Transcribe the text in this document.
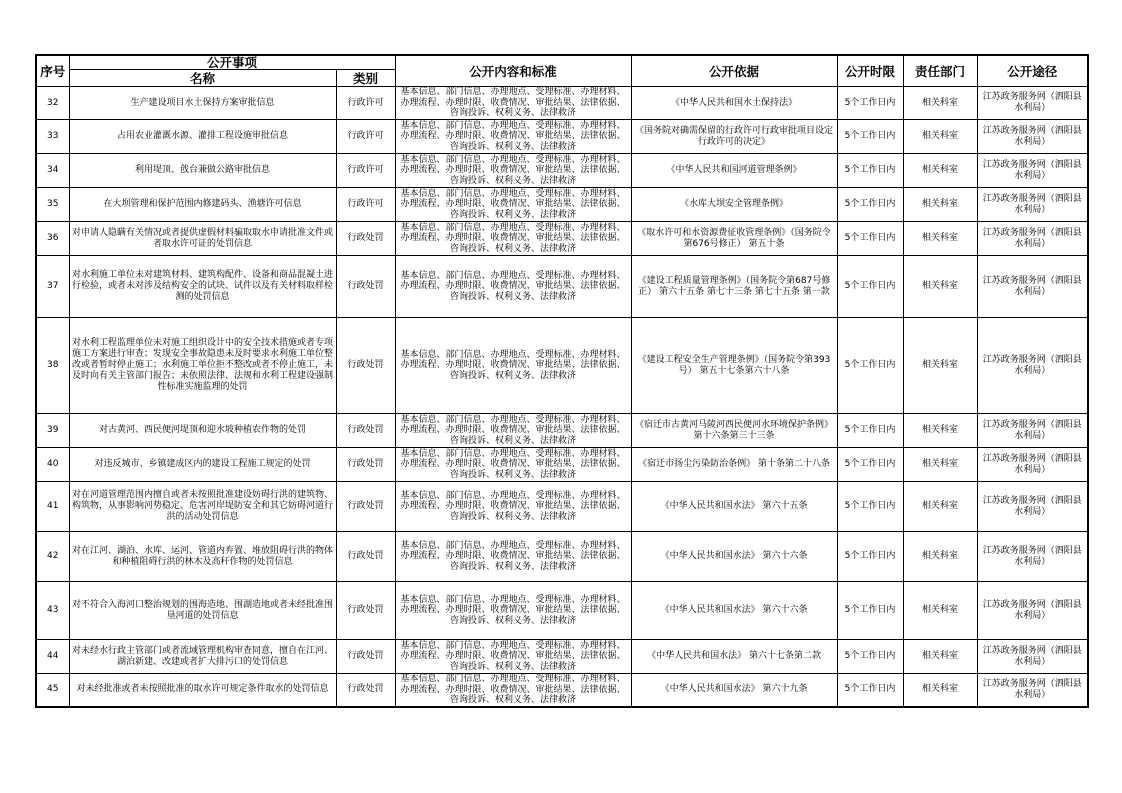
序号	公开事项		公开内容和标准	公开依据	公开时限	责任部门	公开途径
	名称	类别					
32	生产建设项目水土保持方案审批信息	行政许可	基本信息、部门信息、办理地点、受理标准、办理材料、办理流程、办理时限、收费情况、审批结果、法律依据、咨询投诉、权利义务、法律救济	《中华人民共和国水土保持法》	5个工作日内	相关科室	江苏政务服务网（泗阳县水利局）
33	占用农业灌溉水源、灌排工程设施审批信息	行政许可	基本信息、部门信息、办理地点、受理标准、办理材料、办理流程、办理时限、收费情况、审批结果、法律依据、咨询投诉、权利义务、法律救济	《国务院对确需保留的行政许可行政审批项目设定行政许可的决定》	5个工作日内	相关科室	江苏政务服务网（泗阳县水利局）
34	利用堤顶、戗台兼做公路审批信息	行政许可	基本信息、部门信息、办理地点、受理标准、办理材料、办理流程、办理时限、收费情况、审批结果、法律依据、咨询投诉、权利义务、法律救济	《中华人民共和国河道管理条例》	5个工作日内	相关科室	江苏政务服务网（泗阳县水利局）
35	在大坝管理和保护范围内修建码头、渔塘许可信息	行政许可	基本信息、部门信息、办理地点、受理标准、办理材料、办理流程、办理时限、收费情况、审批结果、法律依据、咨询投诉、权利义务、法律救济	《水库大坝安全管理条例》	5个工作日内	相关科室	江苏政务服务网（泗阳县水利局）
36	对申请人隐瞒有关情况或者提供虚假材料骗取取水申请批准文件或者取水许可证的处罚信息	行政处罚	基本信息、部门信息、办理地点、受理标准、办理材料、办理流程、办理时限、收费情况、审批结果、法律依据、咨询投诉、权利义务、法律救济	《取水许可和水资源费征收管理条例》（国务院令第676号修正） 第五十条	5个工作日内	相关科室	江苏政务服务网（泗阳县水利局）
37	对水利施工单位未对建筑材料、建筑构配件、设备和商品混凝土进行检验，或者未对涉及结构安全的试块、试件以及有关材料取样检测的处罚信息	行政处罚	基本信息、部门信息、办理地点、受理标准、办理材料、办理流程、办理时限、收费情况、审批结果、法律依据、咨询投诉、权利义务、法律救济	《建设工程质量管理条例》（国务院令第687号修正） 第六十五条 第七十三条 第七十五条 第一款	5个工作日内	相关科室	江苏政务服务网（泗阳县水利局）
38	对水利工程监理单位未对施工组织设计中的安全技术措施或者专项施工方案进行审查；发现安全事故隐患未及时要求水利施工单位整改或者暂时停止施工；水利施工单位拒不整改或者不停止施工，未及时向有关主管部门报告；未依照法律、法规和水利工程建设强制性标准实施监理的处罚	行政处罚	基本信息、部门信息、办理地点、受理标准、办理材料、办理流程、办理时限、收费情况、审批结果、法律依据、咨询投诉、权利义务、法律救济	《建设工程安全生产管理条例》（国务院令第393号） 第五十七条第六十八条	5个工作日内	相关科室	江苏政务服务网（泗阳县水利局）
39	对古黄河、西民便河堤顶和迎水坡种植农作物的处罚	行政处罚	基本信息、部门信息、办理地点、受理标准、办理材料、办理流程、办理时限、收费情况、审批结果、法律依据、咨询投诉、权利义务、法律救济	《宿迁市古黄河马陵河西民便河水环境保护条例》 第十六条第三十三条	5个工作日内	相关科室	江苏政务服务网（泗阳县水利局）
40	对违反城市、乡镇建成区内的建设工程施工规定的处罚	行政处罚	基本信息、部门信息、办理地点、受理标准、办理材料、办理流程、办理时限、收费情况、审批结果、法律依据、咨询投诉、权利义务、法律救济	《宿迁市扬尘污染防治条例》 第十条第二十八条	5个工作日内	相关科室	江苏政务服务网（泗阳县水利局）
41	对在河道管理范围内擅自或者未按照批准建设妨碍行洪的建筑物、构筑物，从事影响河势稳定、危害河岸堤防安全和其它妨碍河道行洪的活动处罚信息	行政处罚	基本信息、部门信息、办理地点、受理标准、办理材料、办理流程、办理时限、收费情况、审批结果、法律依据、咨询投诉、权利义务、法律救济	《中华人民共和国水法》 第六十五条	5个工作日内	相关科室	江苏政务服务网（泗阳县水利局）
42	对在江河、湖泊、水库、运河、管道内弃置、堆放阻碍行洪的物体和种植阻碍行洪的林木及高秆作物的处罚信息	行政处罚	基本信息、部门信息、办理地点、受理标准、办理材料、办理流程、办理时限、收费情况、审批结果、法律依据、咨询投诉、权利义务、法律救济	《中华人民共和国水法》 第六十六条	5个工作日内	相关科室	江苏政务服务网（泗阳县水利局）
43	对不符合入海河口整治规划的围海造地、围湖造地或者未经批准围垦河道的处罚信息	行政处罚	基本信息、部门信息、办理地点、受理标准、办理材料、办理流程、办理时限、收费情况、审批结果、法律依据、咨询投诉、权利义务、法律救济	《中华人民共和国水法》 第六十六条	5个工作日内	相关科室	江苏政务服务网（泗阳县水利局）
44	对未经水行政主管部门或者流域管理机构审查同意，擅自在江河、湖泊新建、改建或者扩大排污口的处罚信息	行政处罚	基本信息、部门信息、办理地点、受理标准、办理材料、办理流程、办理时限、收费情况、审批结果、法律依据、咨询投诉、权利义务、法律救济	《中华人民共和国水法》 第六十七条第二款	5个工作日内	相关科室	江苏政务服务网（泗阳县水利局）
45	对未经批准或者未按照批准的取水许可规定条件取水的处罚信息	行政处罚	基本信息、部门信息、办理地点、受理标准、办理材料、办理流程、办理时限、收费情况、审批结果、法律依据、咨询投诉、权利义务、法律救济	《中华人民共和国水法》 第六十九条	5个工作日内	相关科室	江苏政务服务网（泗阳县水利局）
